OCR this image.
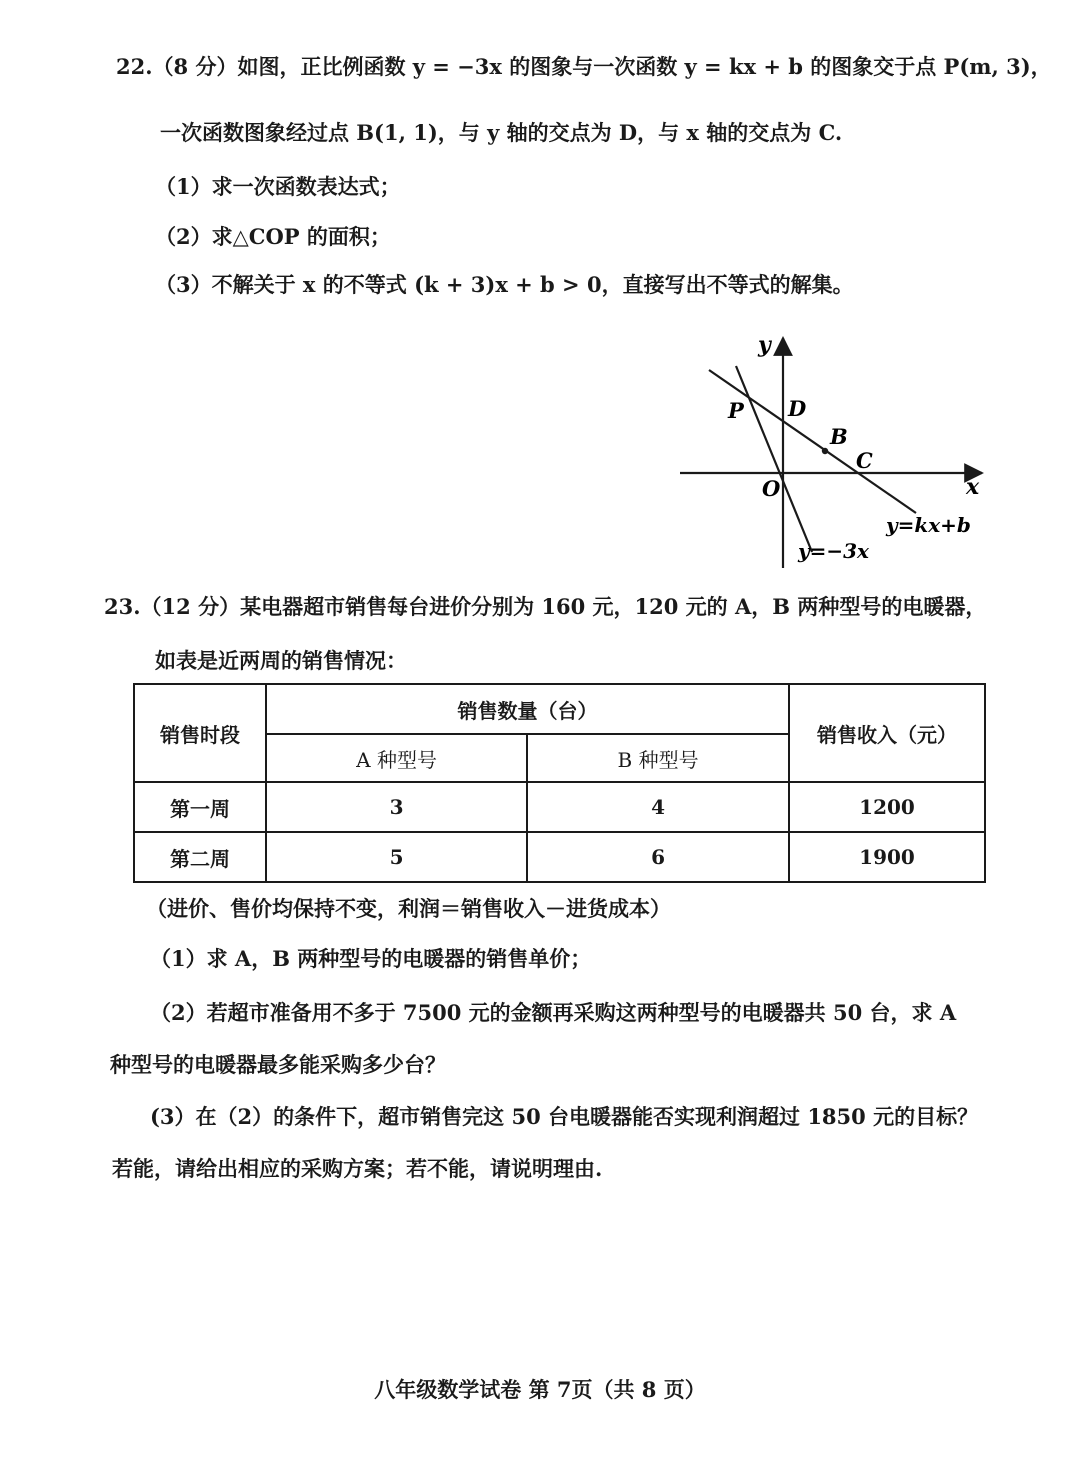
22.（8 分）如图，正比例函数 y = −3x 的图象与一次函数 y = kx + b 的图象交于点 P(m, 3)，
一次函数图象经过点 B(1, 1)，与 y 轴的交点为 D，与 x 轴的交点为 C.
（1）求一次函数表达式；
（2）求△COP 的面积；
（3）不解关于 x 的不等式 (k + 3)x + b > 0，直接写出不等式的解集。
y
x
O
P D
B
C
y=kx+b
y=−3x
23.（12 分）某电器超市销售每台进价分别为 160 元，120 元的 A，B 两种型号的电暖器，
如表是近两周的销售情况：
销售时段	销售数量（台）		销售收入（元）
	A 种型号	B 种型号	
第一周	3	4	1200
第二周	5	6	1900
（进价、售价均保持不变，利润＝销售收入－进货成本）
（1）求 A，B 两种型号的电暖器的销售单价；
（2）若超市准备用不多于 7500 元的金额再采购这两种型号的电暖器共 50 台，求 A
种型号的电暖器最多能采购多少台？
(3）在（2）的条件下，超市销售完这 50 台电暖器能否实现利润超过 1850 元的目标？
若能，请给出相应的采购方案；若不能，请说明理由.
八年级数学试卷 第 7页（共 8 页）
